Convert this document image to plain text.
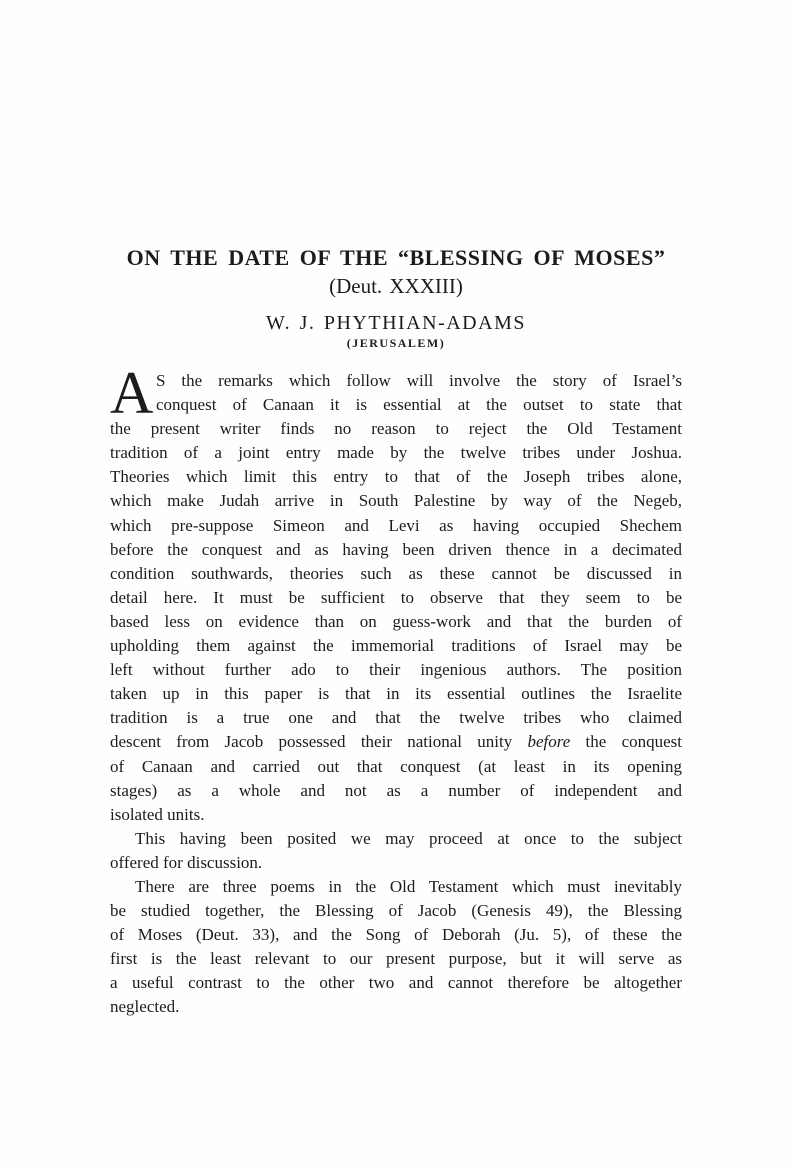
ON THE DATE OF THE “BLESSING OF MOSES”
(Deut. XXXIII)
W. J. PHYTHIAN-ADAMS
(JERUSALEM)
A S the remarks which follow will involve the story of Israel’s
conquest of Canaan it is essential at the outset to state that
the present writer finds no reason to reject the Old Testament
tradition of a joint entry made by the twelve tribes under Joshua.
Theories which limit this entry to that of the Joseph tribes alone,
which make Judah arrive in South Palestine by way of the Negeb,
which pre-suppose Simeon and Levi as having occupied Shechem
before the conquest and as having been driven thence in a decimated
condition southwards, theories such as these cannot be discussed in
detail here. It must be sufficient to observe that they seem to be
based less on evidence than on guess-work and that the burden of
upholding them against the immemorial traditions of Israel may be
left without further ado to their ingenious authors. The position
taken up in this paper is that in its essential outlines the Israelite
tradition is a true one and that the twelve tribes who claimed
descent from Jacob possessed their national unity before the conquest
of Canaan and carried out that conquest (at least in its opening
stages) as a whole and not as a number of independent and
isolated units.
This having been posited we may proceed at once to the subject
offered for discussion.
There are three poems in the Old Testament which must inevitably
be studied together, the Blessing of Jacob (Genesis 49), the Blessing
of Moses (Deut. 33), and the Song of Deborah (Ju. 5), of these the
first is the least relevant to our present purpose, but it will serve as
a useful contrast to the other two and cannot therefore be altogether
neglected.
